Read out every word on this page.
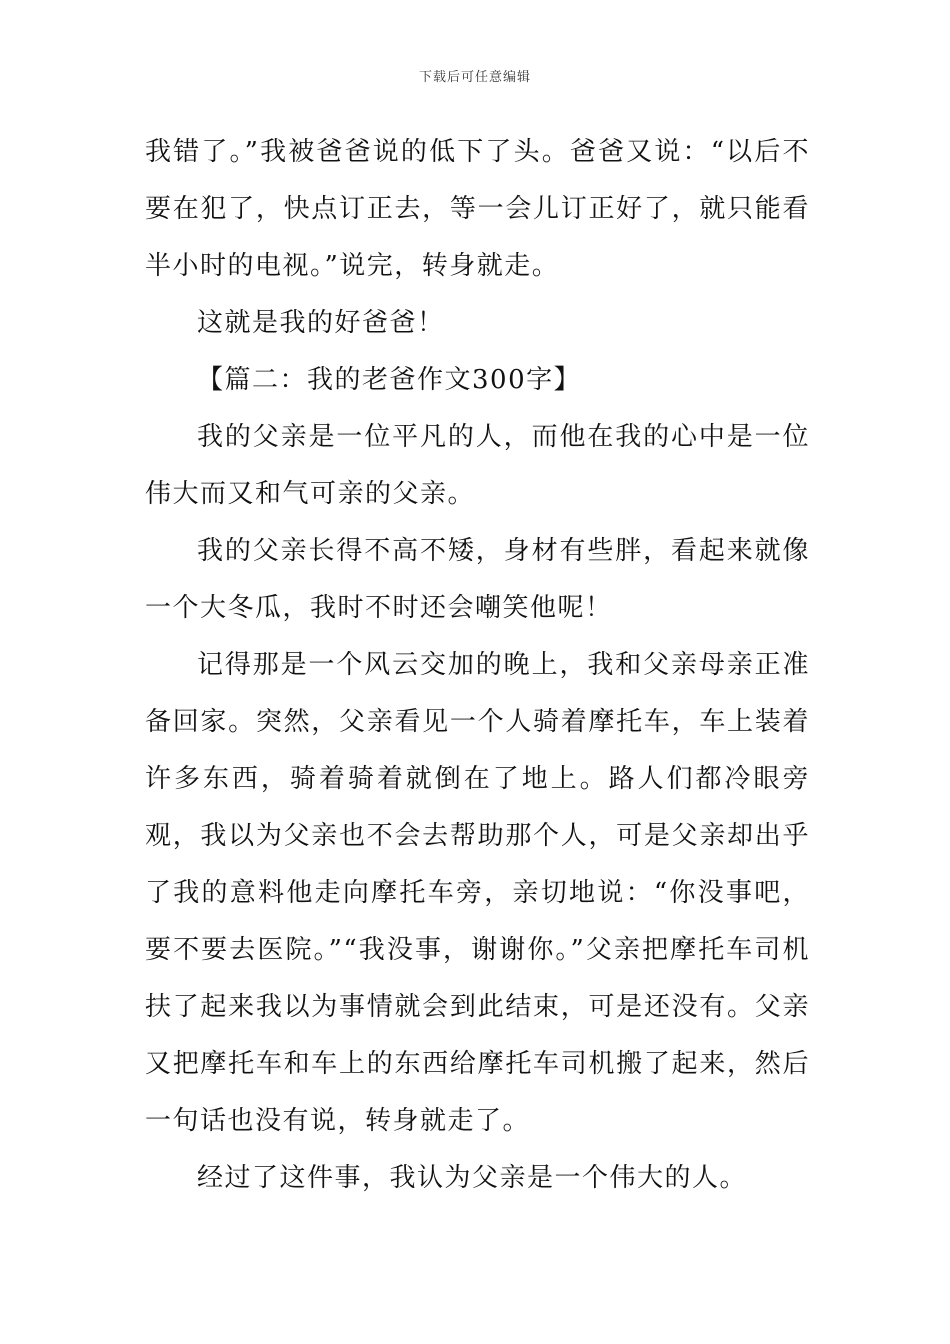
下载后可任意编辑

我错了。”我被爸爸说的低下了头。爸爸又说：“以后不要在犯了，快点订正去，等一会儿订正好了，就只能看半小时的电视。”说完，转身就走。

这就是我的好爸爸！

【篇二：我的老爸作文300字】

我的父亲是一位平凡的人，而他在我的心中是一位伟大而又和气可亲的父亲。

我的父亲长得不高不矮，身材有些胖，看起来就像一个大冬瓜，我时不时还会嘲笑他呢！

记得那是一个风云交加的晚上，我和父亲母亲正准备回家。突然，父亲看见一个人骑着摩托车，车上装着许多东西，骑着骑着就倒在了地上。路人们都冷眼旁观，我以为父亲也不会去帮助那个人，可是父亲却出乎了我的意料他走向摩托车旁，亲切地说：“你没事吧，要不要去医院。”“我没事，谢谢你。”父亲把摩托车司机扶了起来我以为事情就会到此结束，可是还没有。父亲又把摩托车和车上的东西给摩托车司机搬了起来，然后一句话也没有说，转身就走了。

经过了这件事，我认为父亲是一个伟大的人。
